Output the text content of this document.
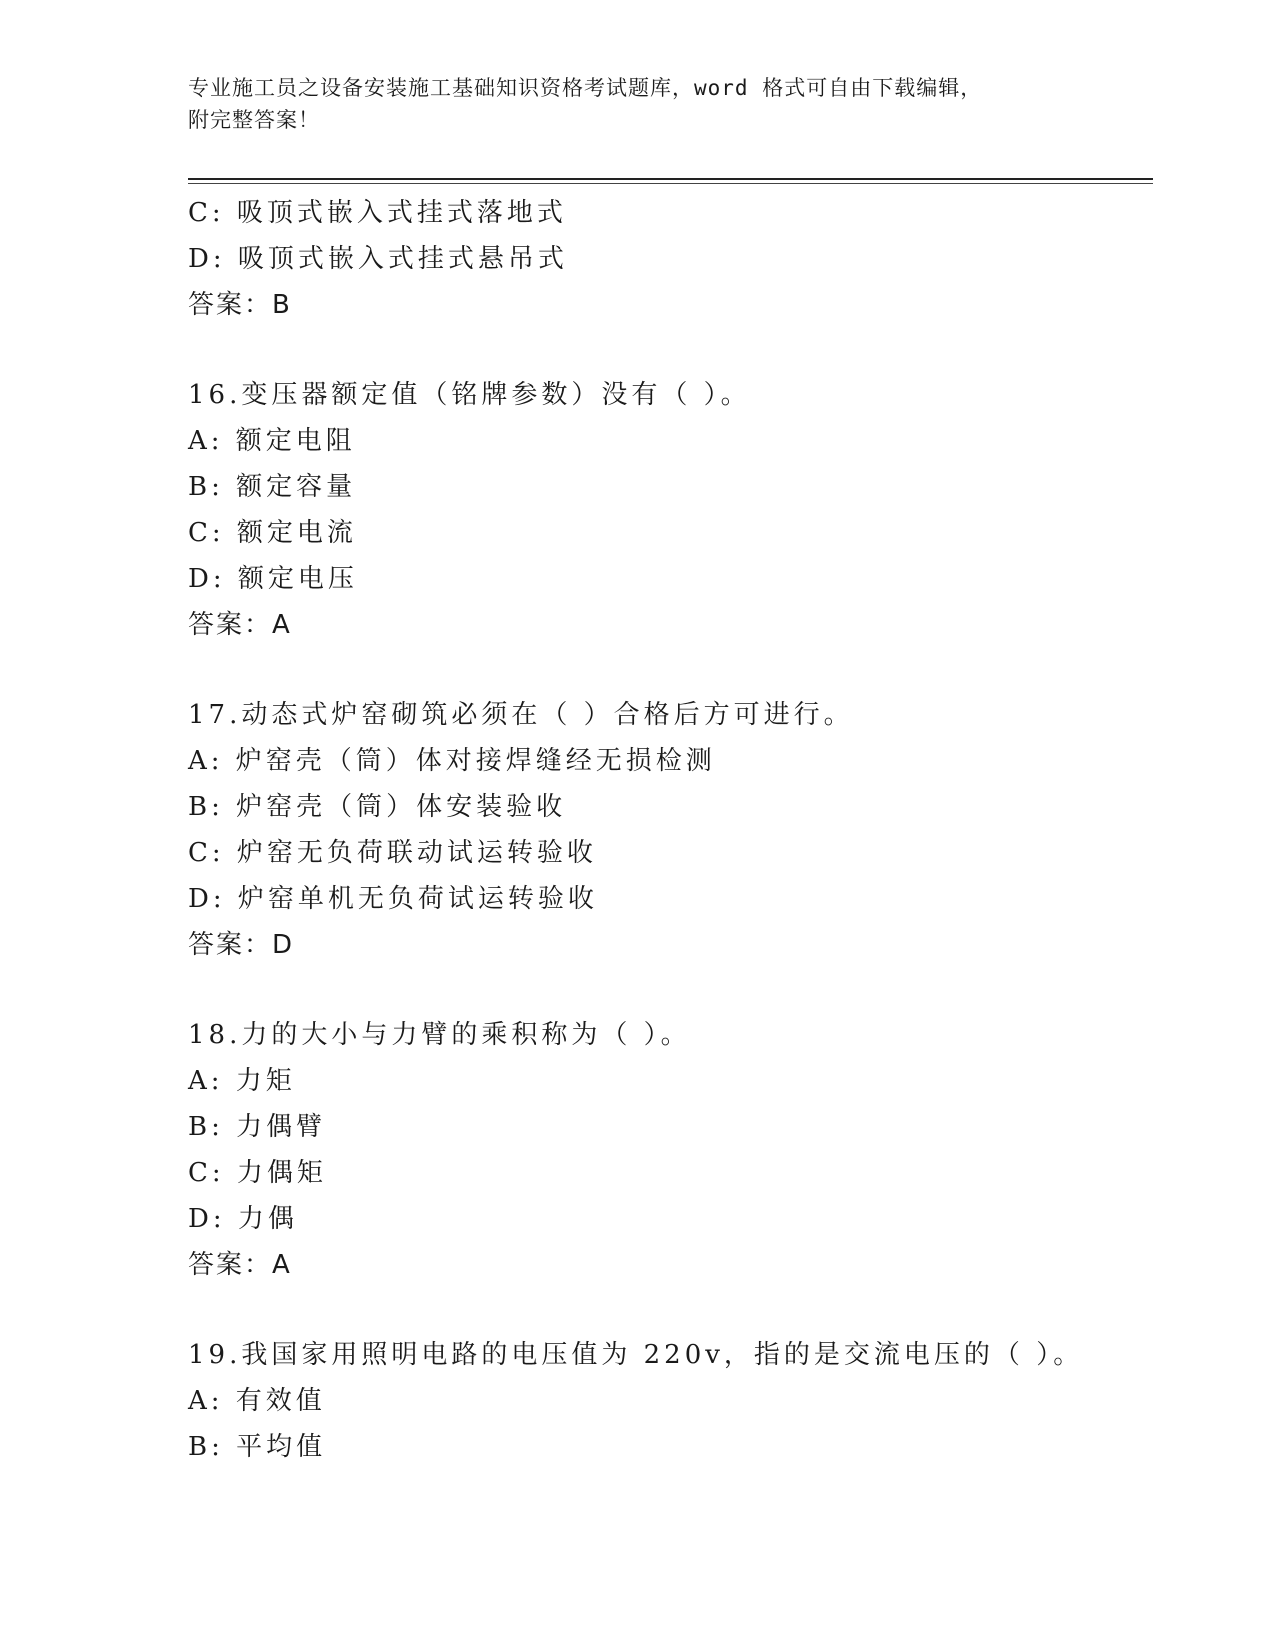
专业施工员之设备安装施工基础知识资格考试题库，word 格式可自由下载编辑，
附完整答案！
C: 吸顶式嵌入式挂式落地式
D: 吸顶式嵌入式挂式悬吊式
答案：B
16.变压器额定值（铭牌参数）没有（ ）。
A: 额定电阻
B: 额定容量
C: 额定电流
D: 额定电压
答案：A
17.动态式炉窑砌筑必须在（ ）合格后方可进行。
A: 炉窑壳（筒）体对接焊缝经无损检测
B: 炉窑壳（筒）体安装验收
C: 炉窑无负荷联动试运转验收
D: 炉窑单机无负荷试运转验收
答案：D
18.力的大小与力臂的乘积称为（ ）。
A: 力矩
B: 力偶臂
C: 力偶矩
D: 力偶
答案：A
19.我国家用照明电路的电压值为 220v，指的是交流电压的（ ）。
A: 有效值
B: 平均值
